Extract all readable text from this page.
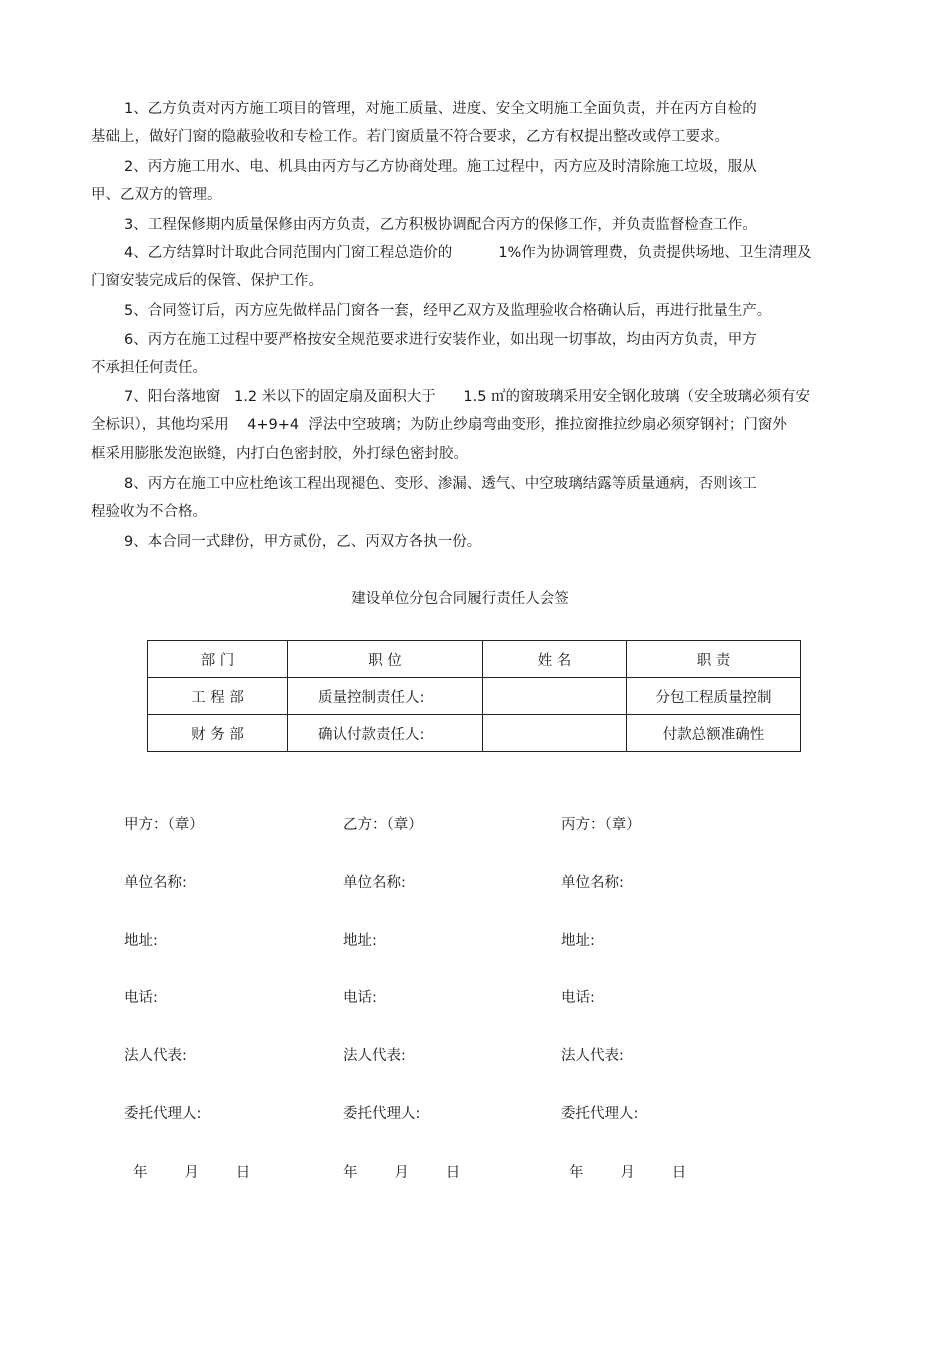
1、乙方负责对丙方施工项目的管理，对施工质量、进度、安全文明施工全面负责，并在丙方自检的
基础上，做好门窗的隐蔽验收和专检工作。若门窗质量不符合要求，乙方有权提出整改或停工要求。
2、丙方施工用水、电、机具由丙方与乙方协商处理。施工过程中，丙方应及时清除施工垃圾，服从
甲、乙双方的管理。
3、工程保修期内质量保修由丙方负责，乙方积极协调配合丙方的保修工作，并负责监督检查工作。
4、乙方结算时计取此合同范围内门窗工程总造价的          1%作为协调管理费，负责提供场地、卫生清理及
门窗安装完成后的保管、保护工作。
5、合同签订后，丙方应先做样品门窗各一套，经甲乙双方及监理验收合格确认后，再进行批量生产。
6、丙方在施工过程中要严格按安全规范要求进行安装作业，如出现一切事故，均由丙方负责，甲方
不承担任何责任。
7、阳台落地窗   1.2 米以下的固定扇及面积大于      1.5 ㎡的窗玻璃采用安全钢化玻璃（安全玻璃必须有安
全标识），其他均采用    4+9+4  浮法中空玻璃；为防止纱扇弯曲变形，推拉窗推拉纱扇必须穿钢衬；门窗外
框采用膨胀发泡嵌缝，内打白色密封胶，外打绿色密封胶。
8、丙方在施工中应杜绝该工程出现褪色、变形、渗漏、透气、中空玻璃结露等质量通病，否则该工
程验收为不合格。
9、本合同一式肆份，甲方贰份，乙、丙双方各执一份。
建设单位分包合同履行责任人会签
部 门	职 位	姓 名	职 责
工 程 部	质量控制责任人:		分包工程质量控制
财 务 部	确认付款责任人:		付款总额准确性
甲方：（章）
单位名称:
地址:
电话:
法人代表:
委托代理人:
年        月        日
乙方：（章）
单位名称:
地址:
电话:
法人代表:
委托代理人:
年        月        日
丙方：（章）
单位名称:
地址:
电话:
法人代表:
委托代理人:
年        月        日
